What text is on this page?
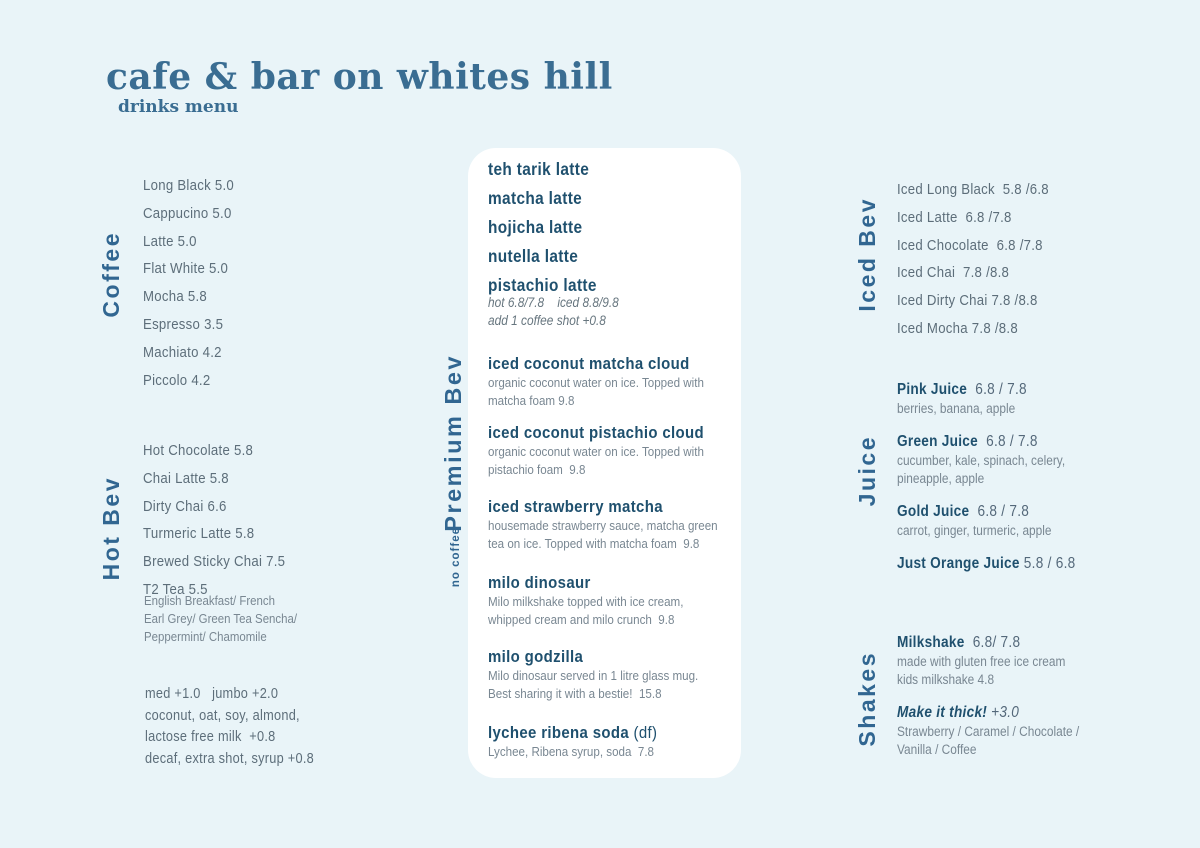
cafe & bar on whites hill
drinks menu
Coffee
Long Black 5.0
Cappucino 5.0
Latte 5.0
Flat White 5.0
Mocha 5.8
Espresso 3.5
Machiato 4.2
Piccolo 4.2
Hot Bev
Hot Chocolate 5.8
Chai Latte 5.8
Dirty Chai 6.6
Turmeric Latte 5.8
Brewed Sticky Chai 7.5
T2 Tea 5.5
English Breakfast/ French
Earl Grey/ Green Tea Sencha/
Peppermint/ Chamomile
med +1.0   jumbo +2.0
coconut, oat, soy, almond,
lactose free milk  +0.8
decaf, extra shot, syrup +0.8
Premium Bev
no coffee
teh tarik latte
matcha latte
hojicha latte
nutella latte
pistachio latte
hot 6.8/7.8    iced 8.8/9.8
add 1 coffee shot +0.8
iced coconut matcha cloud
organic coconut water on ice. Topped with
matcha foam 9.8
iced coconut pistachio cloud
organic coconut water on ice. Topped with
pistachio foam  9.8
iced strawberry matcha
housemade strawberry sauce, matcha green
tea on ice. Topped with matcha foam  9.8
milo dinosaur
Milo milkshake topped with ice cream,
whipped cream and milo crunch  9.8
milo godzilla
Milo dinosaur served in 1 litre glass mug.
Best sharing it with a bestie!  15.8
lychee ribena soda (df)
Lychee, Ribena syrup, soda  7.8
Iced Bev
Iced Long Black  5.8 /6.8
Iced Latte  6.8 /7.8
Iced Chocolate  6.8 /7.8
Iced Chai  7.8 /8.8
Iced Dirty Chai 7.8 /8.8
Iced Mocha 7.8 /8.8
Juice
Pink Juice  6.8 / 7.8
berries, banana, apple
Green Juice  6.8 / 7.8
cucumber, kale, spinach, celery,
pineapple, apple
Gold Juice  6.8 / 7.8
carrot, ginger, turmeric, apple
Just Orange Juice 5.8 / 6.8
Shakes
Milkshake  6.8/ 7.8
made with gluten free ice cream
kids milkshake 4.8
Make it thick! +3.0
Strawberry / Caramel / Chocolate /
Vanilla / Coffee
